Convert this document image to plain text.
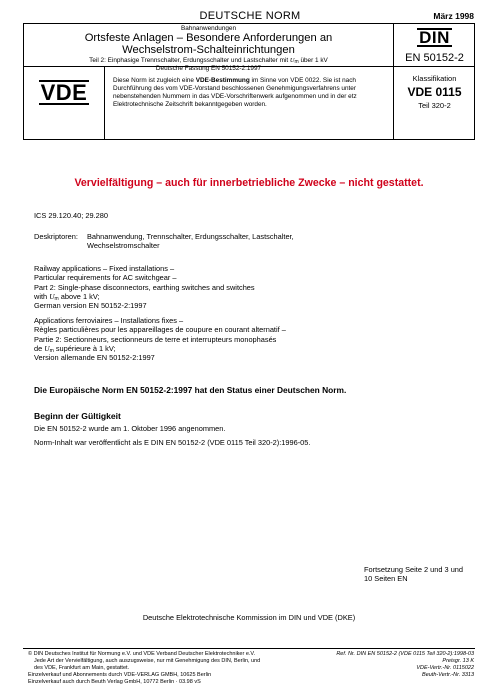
DEUTSCHE NORM	März 1998
Bahnanwendungen
Ortsfeste Anlagen – Besondere Anforderungen an
Wechselstrom-Schalteinrichtungen
Teil 2: Einphasige Trennschalter, Erdungsschalter und Lastschalter mit $U_m$ über 1 kV
Deutsche Fassung EN 50152-2:1997
DIN
EN 50152-2
VDE	Diese Norm ist zugleich eine VDE-Bestimmung im Sinne von VDE 0022. Sie ist nach
Durchführung des vom VDE-Vorstand beschlossenen Genehmigungsverfahrens unter
nebenstehenden Nummern in das VDE-Vorschriftenwerk aufgenommen und in der etz
Elektrotechnische Zeitschrift bekanntgegeben worden.
Klassifikation
VDE 0115
Teil 320-2
Vervielfältigung – auch für innerbetriebliche Zwecke – nicht gestattet.
ICS 29.120.40; 29.280
Deskriptoren: Bahnanwendung, Trennschalter, Erdungsschalter, Lastschalter,
Wechselstromschalter
Railway applications – Fixed installations –
Particular requirements for AC switchgear –
Part 2: Single-phase disconnectors, earthing switches and switches
with $U_m$ above 1 kV;
German version EN 50152-2:1997
Applications ferroviaires – Installations fixes –
Règles particulières pour les appareillages de coupure en courant alternatif –
Partie 2: Sectionneurs, sectionneurs de terre et interrupteurs monophasés
de $U_m$ supérieure à 1 kV;
Version allemande EN 50152-2:1997
Die Europäische Norm EN 50152-2:1997 hat den Status einer Deutschen Norm.
Beginn der Gültigkeit
Die EN 50152-2 wurde am 1. Oktober 1996 angenommen.
Norm-Inhalt war veröffentlicht als E DIN EN 50152-2 (VDE 0115 Teil 320-2):1996-05.
Fortsetzung Seite 2 und 3 und
10 Seiten EN
Deutsche Elektrotechnische Kommission im DIN und VDE (DKE)
© DIN Deutsches Institut für Normung e.V. und VDE Verband Deutscher Elektrotechniker e.V.
Jede Art der Vervielfältigung, auch auszugsweise, nur mit Genehmigung des DIN, Berlin, und
des VDE, Frankfurt am Main, gestattet.
Einzelverkauf und Abonnements durch VDE-VERLAG GMBH, 10625 Berlin
Einzelverkauf auch durch Beuth Verlag GmbH, 10772 Berlin · 03.98 vS
Ref. Nr. DIN EN 50152-2 (VDE 0115 Teil 320-2):1998-03
Preisgr. 13 K
VDE-Vertr.-Nr. 0115022
Beuth-Vertr.-Nr. 3313
